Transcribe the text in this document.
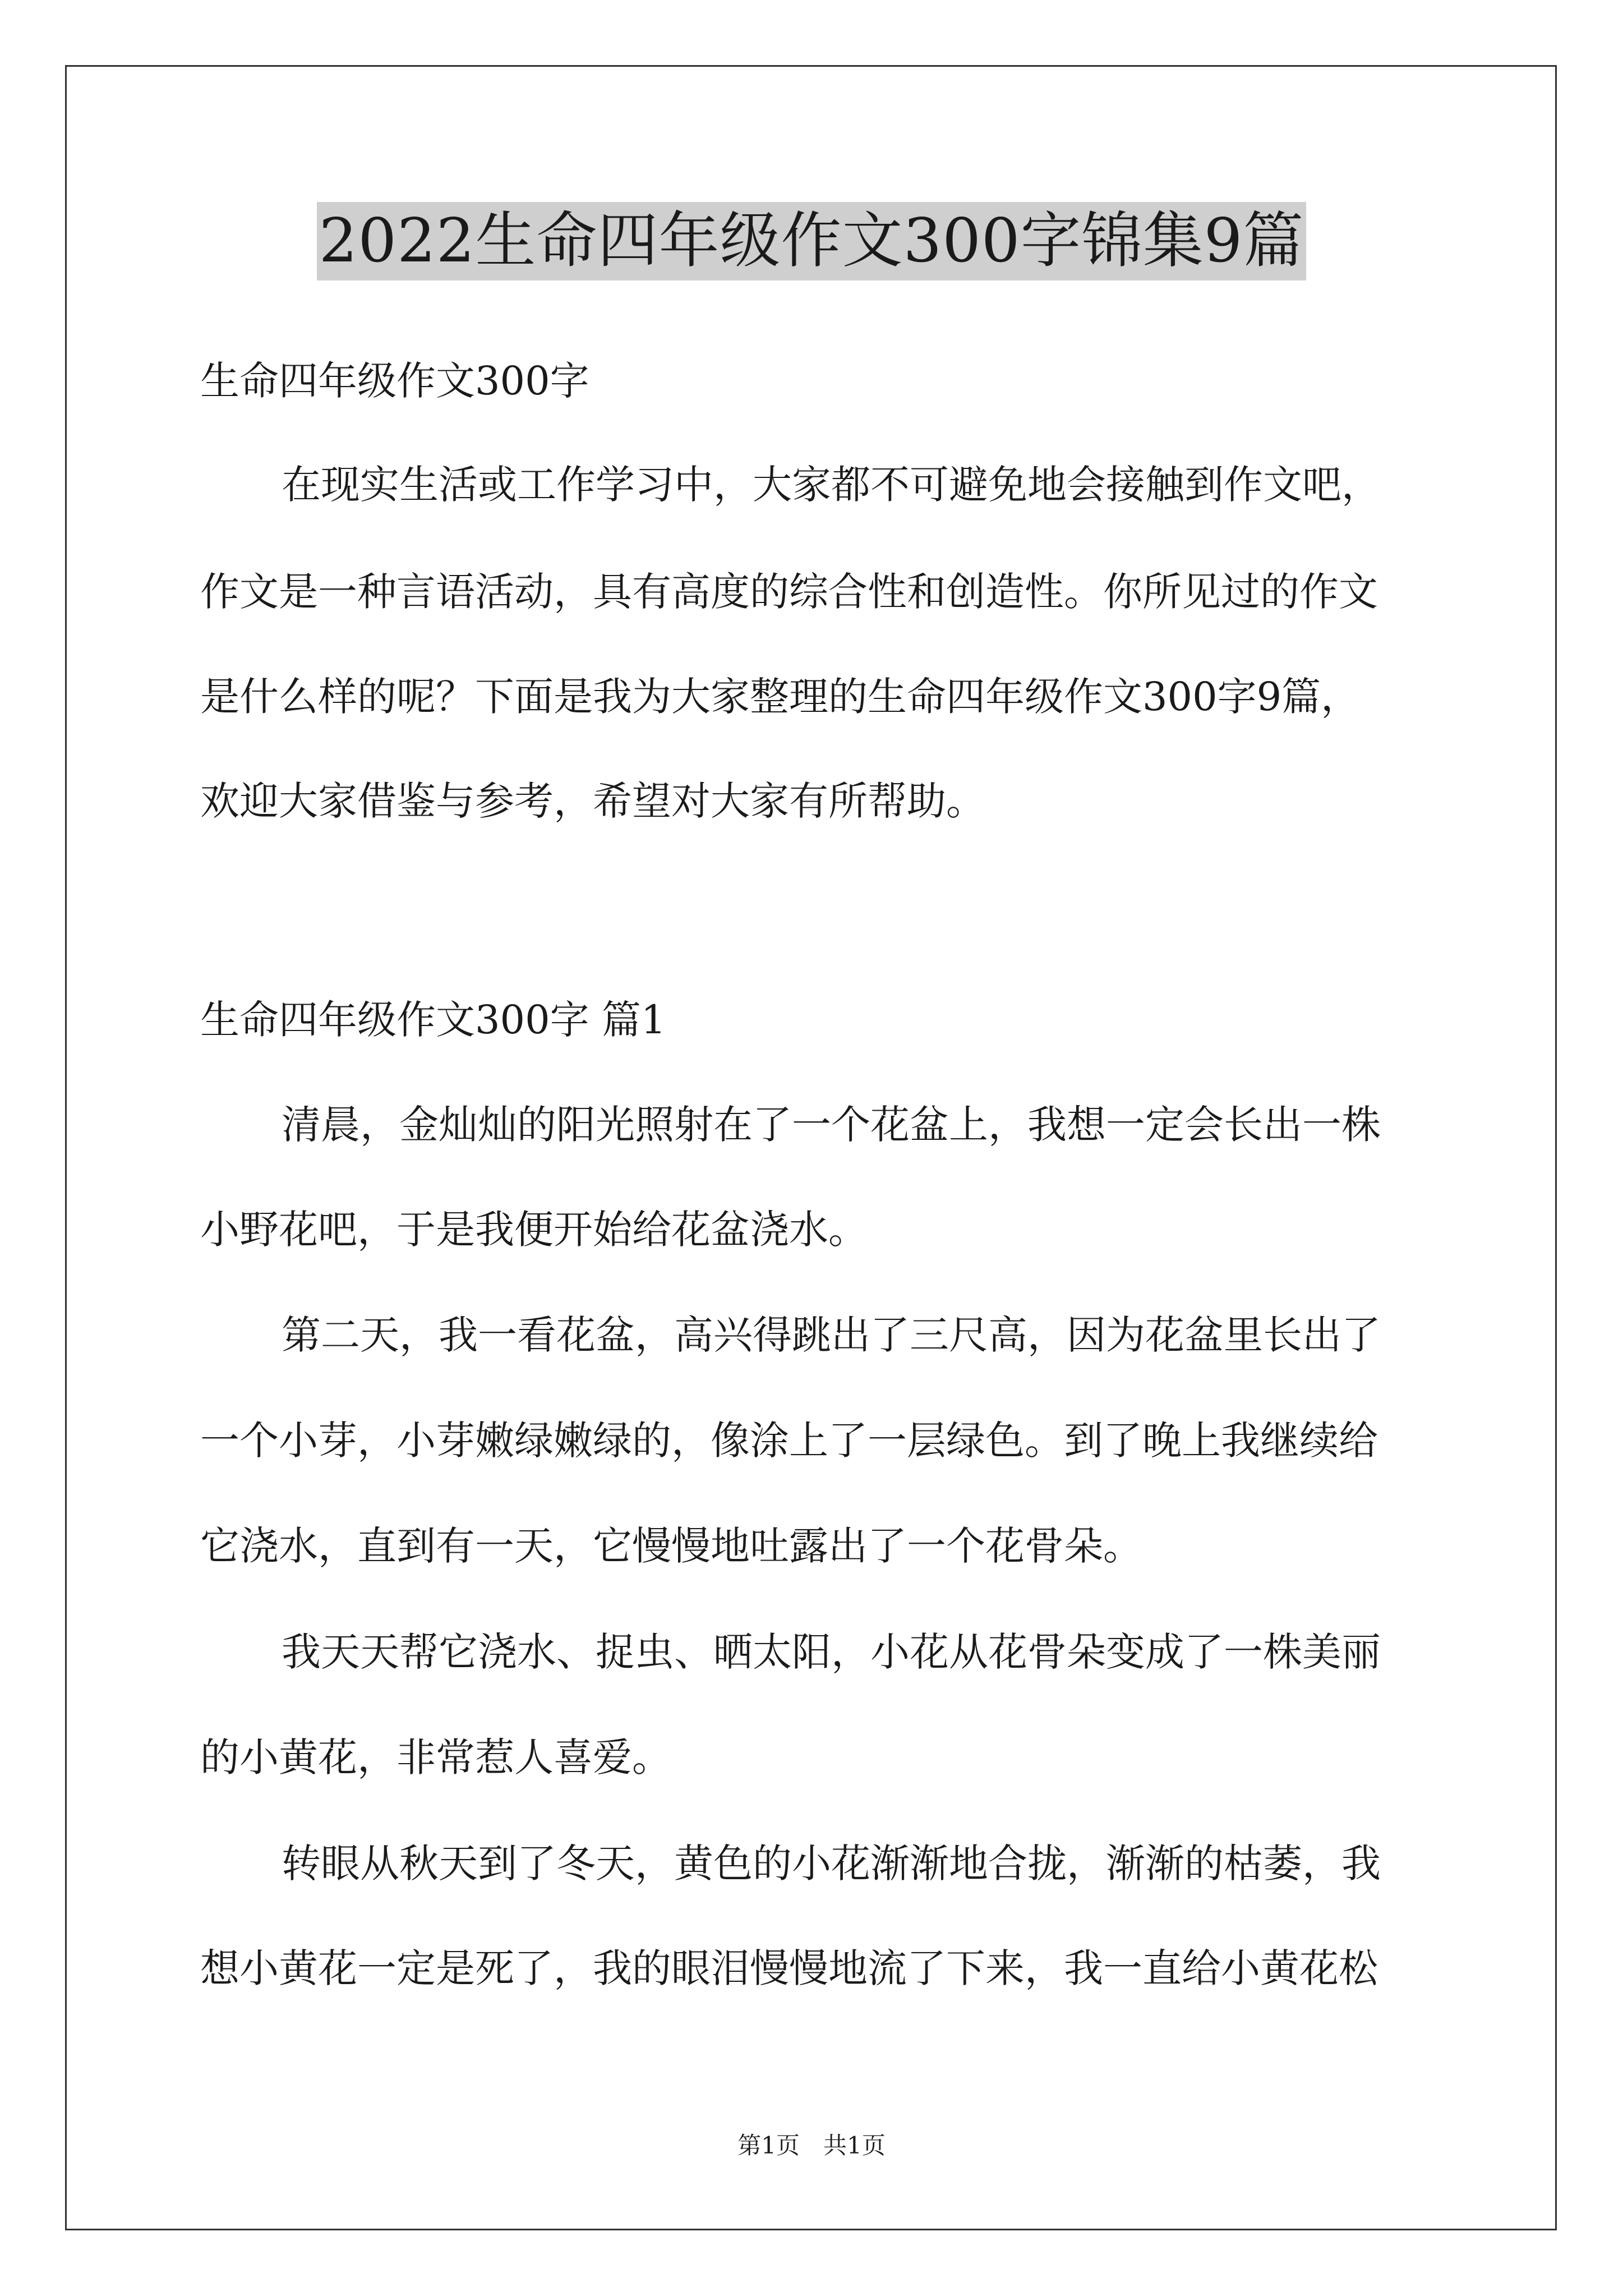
2022生命四年级作文300字锦集9篇
生命四年级作文300字
在现实生活或工作学习中，大家都不可避免地会接触到作文吧，
作文是一种言语活动，具有高度的综合性和创造性。你所见过的作文
是什么样的呢？下面是我为大家整理的生命四年级作文300字9篇，
欢迎大家借鉴与参考，希望对大家有所帮助。
生命四年级作文300字 篇1
清晨，金灿灿的阳光照射在了一个花盆上，我想一定会长出一株
小野花吧，于是我便开始给花盆浇水。
第二天，我一看花盆，高兴得跳出了三尺高，因为花盆里长出了
一个小芽，小芽嫩绿嫩绿的，像涂上了一层绿色。到了晚上我继续给
它浇水，直到有一天，它慢慢地吐露出了一个花骨朵。
我天天帮它浇水、捉虫、晒太阳，小花从花骨朵变成了一株美丽
的小黄花，非常惹人喜爱。
转眼从秋天到了冬天，黄色的小花渐渐地合拢，渐渐的枯萎，我
想小黄花一定是死了，我的眼泪慢慢地流了下来，我一直给小黄花松
第1页　共1页
